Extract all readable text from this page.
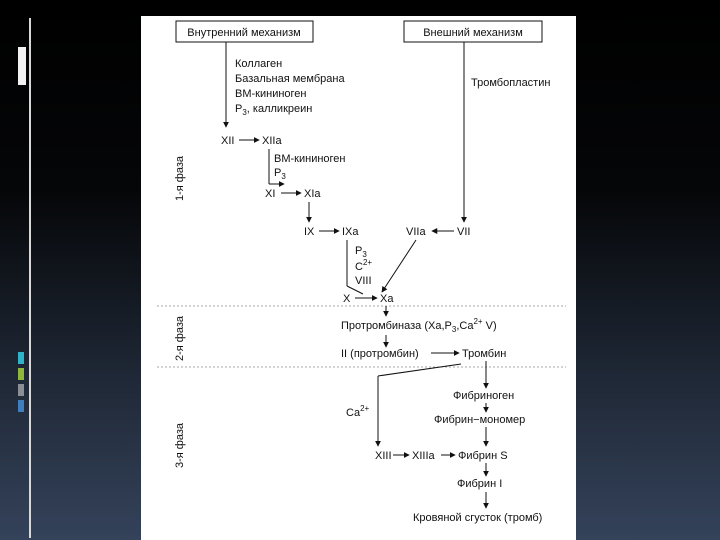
Внутренний механизм	Внешний механизм
1-я фаза
2-я фаза
3-я фаза
Коллаген
Базальная мембрана
ВМ-кининоген
$Р_3$, калликреин
Тромбопластин
XII	XIIa
ВМ-кининоген
$Р_3$
XI	XIa
IX	IXa
$Р_3$
$C^{2+}$
VIII
VIIa	VII
X	Xa
Протромбиназа ($Xa,Р_3,Ca^{2+}$ V)
II (протромбин)	Тромбин
$Ca^{2+}$
Фибриноген
Фибрин−мономер
XIII XIIIa Фибрин S
Фибрин I
Кровяной сгусток (тромб)
